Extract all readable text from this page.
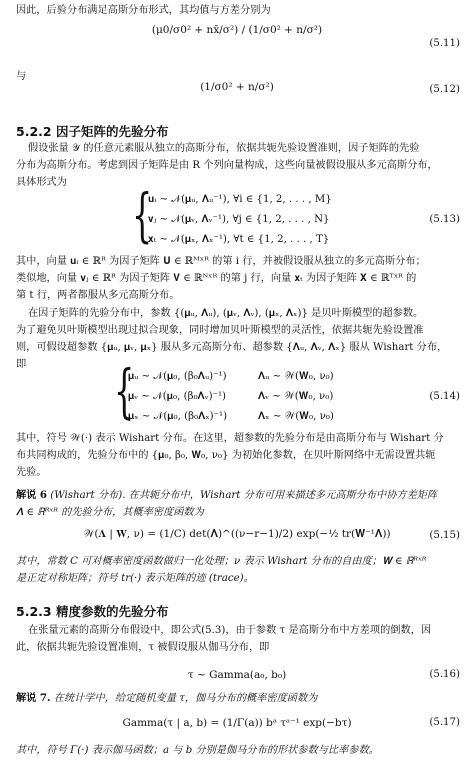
因此，后验分布满足高斯分布形式，其均值与方差分别为
(μ0/σ0² + nx̄/σ²) / (1/σ0² + n/σ²)
(5.11)
与
(1/σ0² + n/σ²)	(5.12)
5.2.2 因子矩阵的先验分布
假设张量 𝒴 的任意元素服从独立的高斯分布，依据共轭先验设置准则，因子矩阵的先验
分布为高斯分布。考虑到因子矩阵是由 R 个列向量构成，这些向量被假设服从多元高斯分布，
具体形式为 {
𝐮ᵢ ∼ 𝒩(𝛍ᵤ, 𝚲ᵤ⁻¹), ∀i ∈ {1, 2, . . . , M}
𝐯ⱼ ∼ 𝒩(𝛍ᵥ, 𝚲ᵥ⁻¹), ∀j ∈ {1, 2, . . . , N}
𝐱ₜ ∼ 𝒩(𝛍ₓ, 𝚲ₓ⁻¹), ∀t ∈ {1, 2, . . . , T}
(5.13)
其中，向量 𝐮ᵢ ∈ ℝᴿ 为因子矩阵 𝐔 ∈ ℝᴹˣᴿ 的第 i 行，并被假设服从独立的多元高斯分布；
类似地，向量 𝐯ⱼ ∈ ℝᴿ 为因子矩阵 𝐕 ∈ ℝᴺˣᴿ 的第 j 行，向量 𝐱ₜ 为因子矩阵 𝐗 ∈ ℝᵀˣᴿ 的
第 t 行，两者都服从多元高斯分布。
在因子矩阵的先验分布中，参数 {(𝛍ᵤ, 𝚲ᵤ), (𝛍ᵥ, 𝚲ᵥ), (𝛍ₓ, 𝚲ₓ)} 是贝叶斯模型的超参数。
为了避免贝叶斯模型出现过拟合现象，同时增加贝叶斯模型的灵活性，依据共轭先验设置准
则，可假设超参数 {𝛍ᵤ, 𝛍ᵥ, 𝛍ₓ} 服从多元高斯分布、超参数 {𝚲ᵤ, 𝚲ᵥ, 𝚲ₓ} 服从 Wishart 分布，
即 {
𝛍ᵤ ∼ 𝒩(𝛍₀, (β₀𝚲ᵤ)⁻¹)	𝚲ᵤ ∼ 𝒲(𝐖₀, ν₀)
𝛍ᵥ ∼ 𝒩(𝛍₀, (β₀𝚲ᵥ)⁻¹)	𝚲ᵥ ∼ 𝒲(𝐖₀, ν₀)
𝛍ₓ ∼ 𝒩(𝛍₀, (β₀𝚲ₓ)⁻¹)	𝚲ₓ ∼ 𝒲(𝐖₀, ν₀)
(5.14)
其中，符号 𝒲(·) 表示 Wishart 分布。在这里，超参数的先验分布是由高斯分布与 Wishart 分
布共同构成的，先验分布中的 {𝛍₀, β₀, 𝐖₀, ν₀} 为初始化参数，在贝叶斯网络中无需设置共轭
先验。
解说 6 (Wishart 分布). 在共轭分布中，Wishart 分布可用来描述多元高斯分布中协方差矩阵
𝚲 ∈ ℝᴿˣᴿ 的先验分布，其概率密度函数为
𝒲(𝚲 | 𝐖, ν) = (1/C) det(𝚲)^((ν−r−1)/2) exp(−½ tr(𝐖⁻¹𝚲))	(5.15)
其中，常数 C 可对概率密度函数做归一化处理；ν 表示 Wishart 分布的自由度；𝐖 ∈ ℝᴿˣᴿ
是正定对称矩阵；符号 tr(·) 表示矩阵的迹 (trace)。
5.2.3 精度参数的先验分布
在张量元素的高斯分布假设中，即公式(5.3)，由于参数 τ 是高斯分布中方差项的倒数，因
此，依据共轭先验设置准则，τ 被假设服从伽马分布，即
τ ∼ Gamma(a₀, b₀)	(5.16)
解说 7. 在统计学中，给定随机变量 τ，伽马分布的概率密度函数为
Gamma(τ | a, b) = (1/Γ(a)) bᵃ τᵃ⁻¹ exp(−bτ)	(5.17)
其中，符号 Γ(·) 表示伽马函数；a 与 b 分别是伽马分布的形状参数与比率参数。
